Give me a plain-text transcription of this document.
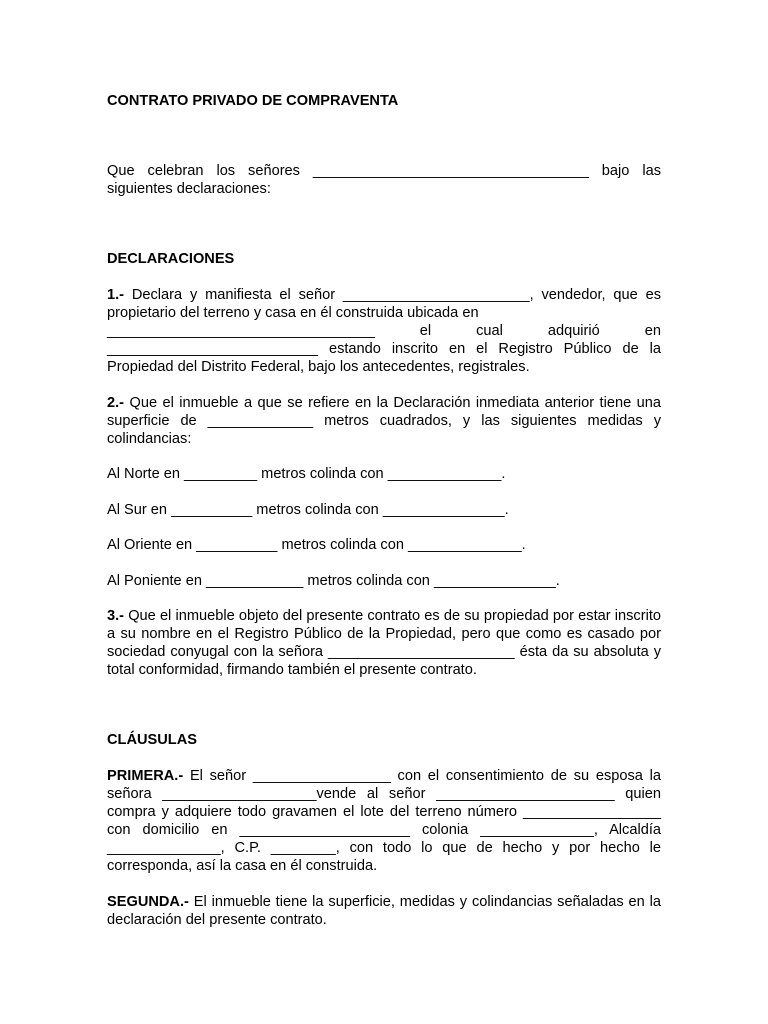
CONTRATO PRIVADO DE COMPRAVENTA

Que celebran los señores __________________________________ bajo las siguientes declaraciones:

DECLARACIONES

1.- Declara y manifiesta el señor _______________________, vendedor, que es propietario del terreno y casa en él construida ubicada en

_________________________________	el	cual	adquirió	en

__________________________ estando inscrito en el Registro Público de la Propiedad del Distrito Federal, bajo los antecedentes, registrales.

2.- Que el inmueble a que se refiere en la Declaración inmediata anterior tiene una superficie de _____________ metros cuadrados, y las siguientes medidas y colindancias:

Al Norte en _________ metros colinda con ______________.

Al Sur en __________ metros colinda con _______________.

Al Oriente en __________ metros colinda con ______________.

Al Poniente en ____________ metros colinda con _______________.

3.- Que el inmueble objeto del presente contrato es de su propiedad por estar inscrito a su nombre en el Registro Público de la Propiedad, pero que como es casado por sociedad conyugal con la señora _______________________ ésta da su absoluta y total conformidad, firmando también el presente contrato.

CLÁUSULAS

PRIMERA.- El señor _________________ con el consentimiento de su esposa la señora ___________________vende al señor ______________________ quien compra y adquiere todo gravamen el lote del terreno número _________________ con domicilio en _____________________ colonia ______________, Alcaldía ______________, C.P. ________, con todo lo que de hecho y por hecho le corresponda, así la casa en él construida.

SEGUNDA.- El inmueble tiene la superficie, medidas y colindancias señaladas en la declaración del presente contrato.
